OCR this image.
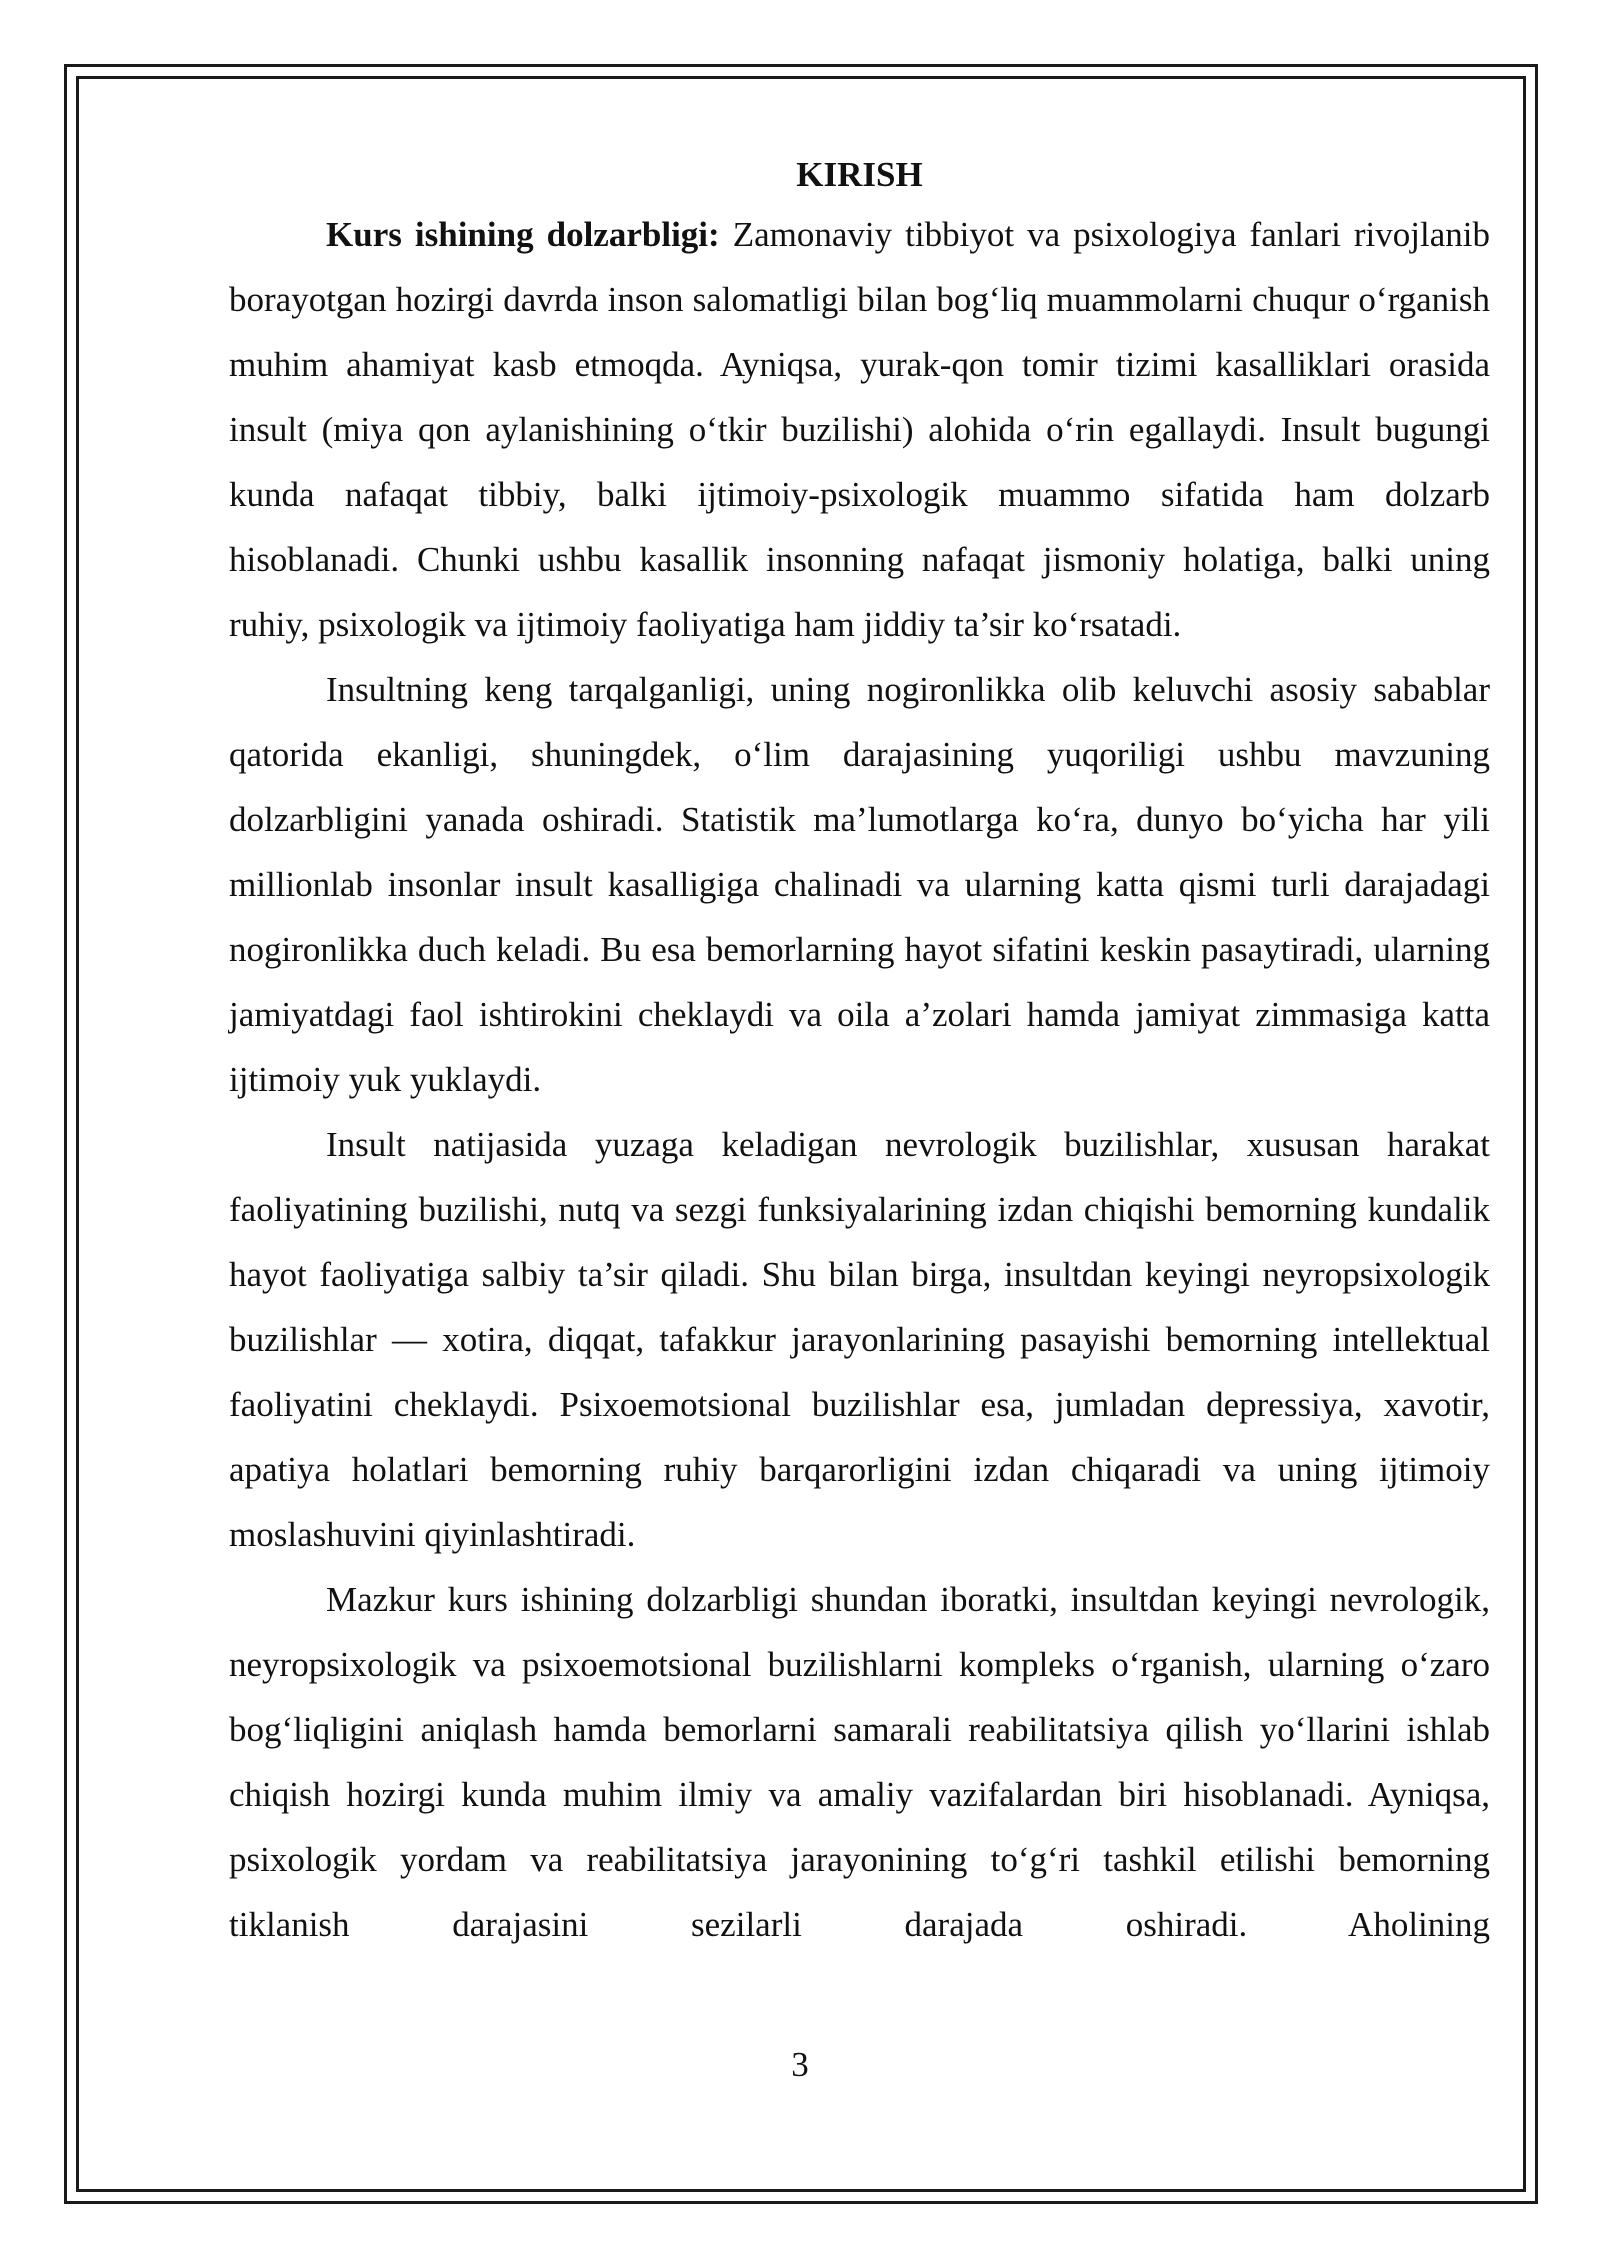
KIRISH

Kurs ishining dolzarbligi: Zamonaviy tibbiyot va psixologiya fanlari rivojlanib borayotgan hozirgi davrda inson salomatligi bilan bog‘liq muammolarni chuqur o‘rganish muhim ahamiyat kasb etmoqda. Ayniqsa, yurak-qon tomir tizimi kasalliklari orasida insult (miya qon aylanishining o‘tkir buzilishi) alohida o‘rin egallaydi. Insult bugungi kunda nafaqat tibbiy, balki ijtimoiy-psixologik muammo sifatida ham dolzarb hisoblanadi. Chunki ushbu kasallik insonning nafaqat jismoniy holatiga, balki uning ruhiy, psixologik va ijtimoiy faoliyatiga ham jiddiy ta’sir ko‘rsatadi.

Insultning keng tarqalganligi, uning nogironlikka olib keluvchi asosiy sabablar qatorida ekanligi, shuningdek, o‘lim darajasining yuqoriligi ushbu mavzuning dolzarbligini yanada oshiradi. Statistik ma’lumotlarga ko‘ra, dunyo bo‘yicha har yili millionlab insonlar insult kasalligiga chalinadi va ularning katta qismi turli darajadagi nogironlikka duch keladi. Bu esa bemorlarning hayot sifatini keskin pasaytiradi, ularning jamiyatdagi faol ishtirokini cheklaydi va oila a’zolari hamda jamiyat zimmasiga katta ijtimoiy yuk yuklaydi.

Insult natijasida yuzaga keladigan nevrologik buzilishlar, xususan harakat faoliyatining buzilishi, nutq va sezgi funksiyalarining izdan chiqishi bemorning kundalik hayot faoliyatiga salbiy ta’sir qiladi. Shu bilan birga, insultdan keyingi neyropsixologik buzilishlar — xotira, diqqat, tafakkur jarayonlarining pasayishi bemorning intellektual faoliyatini cheklaydi. Psixoemotsional buzilishlar esa, jumladan depressiya, xavotir, apatiya holatlari bemorning ruhiy barqarorligini izdan chiqaradi va uning ijtimoiy moslashuvini qiyinlashtiradi.

Mazkur kurs ishining dolzarbligi shundan iboratki, insultdan keyingi nevrologik, neyropsixologik va psixoemotsional buzilishlarni kompleks o‘rganish, ularning o‘zaro bog‘liqligini aniqlash hamda bemorlarni samarali reabilitatsiya qilish yo‘llarini ishlab chiqish hozirgi kunda muhim ilmiy va amaliy vazifalardan biri hisoblanadi. Ayniqsa, psixologik yordam va reabilitatsiya jarayonining to‘g‘ri tashkil etilishi bemorning tiklanish darajasini sezilarli darajada oshiradi. Aholining

3
